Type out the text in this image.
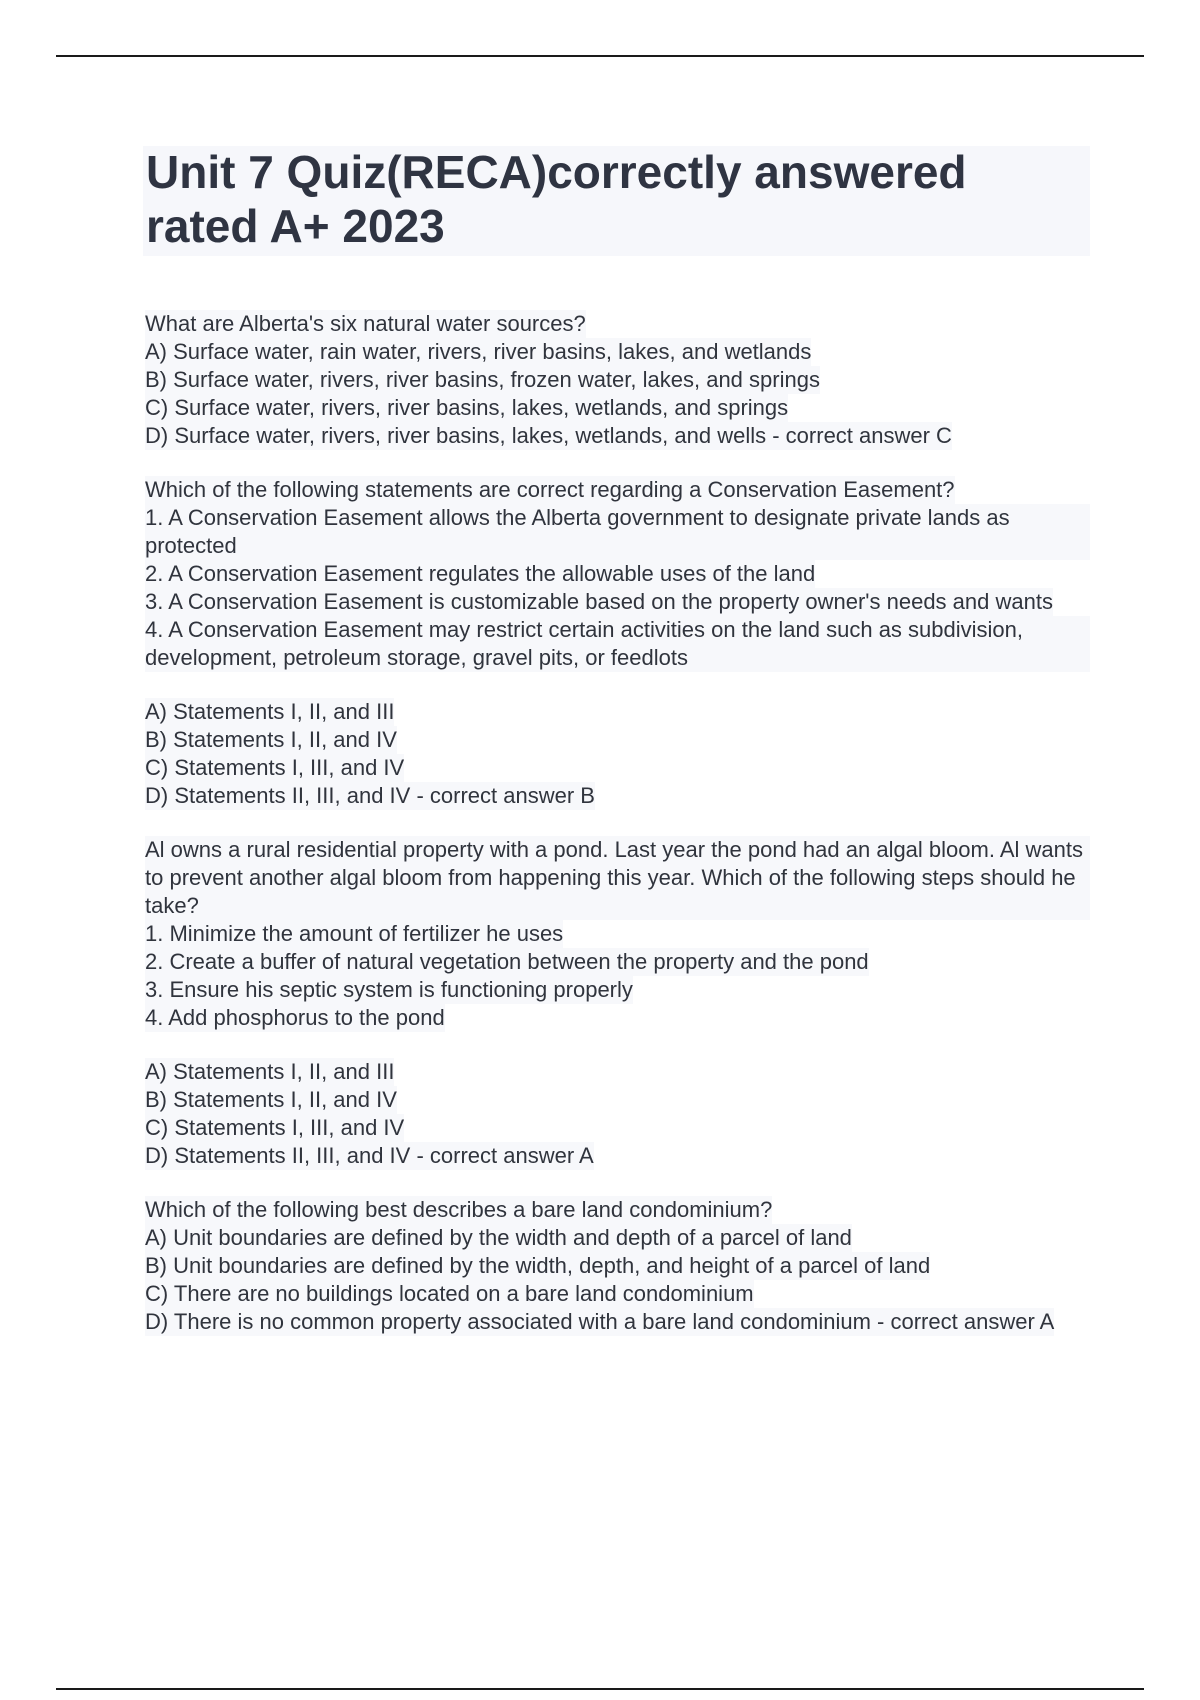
Unit 7 Quiz(RECA)correctly answered rated A+ 2023
What are Alberta's six natural water sources?
A) Surface water, rain water, rivers, river basins, lakes, and wetlands
B) Surface water, rivers, river basins, frozen water, lakes, and springs
C) Surface water, rivers, river basins, lakes, wetlands, and springs
D) Surface water, rivers, river basins, lakes, wetlands, and wells - correct answer C
Which of the following statements are correct regarding a Conservation Easement?
1. A Conservation Easement allows the Alberta government to designate private lands as protected
2. A Conservation Easement regulates the allowable uses of the land
3. A Conservation Easement is customizable based on the property owner's needs and wants
4. A Conservation Easement may restrict certain activities on the land such as subdivision, development, petroleum storage, gravel pits, or feedlots
A) Statements I, II, and III
B) Statements I, II, and IV
C) Statements I, III, and IV
D) Statements II, III, and IV - correct answer B
Al owns a rural residential property with a pond. Last year the pond had an algal bloom. Al wants to prevent another algal bloom from happening this year. Which of the following steps should he take?
1. Minimize the amount of fertilizer he uses
2. Create a buffer of natural vegetation between the property and the pond
3. Ensure his septic system is functioning properly
4. Add phosphorus to the pond
A) Statements I, II, and III
B) Statements I, II, and IV
C) Statements I, III, and IV
D) Statements II, III, and IV - correct answer A
Which of the following best describes a bare land condominium?
A) Unit boundaries are defined by the width and depth of a parcel of land
B) Unit boundaries are defined by the width, depth, and height of a parcel of land
C) There are no buildings located on a bare land condominium
D) There is no common property associated with a bare land condominium - correct answer A
